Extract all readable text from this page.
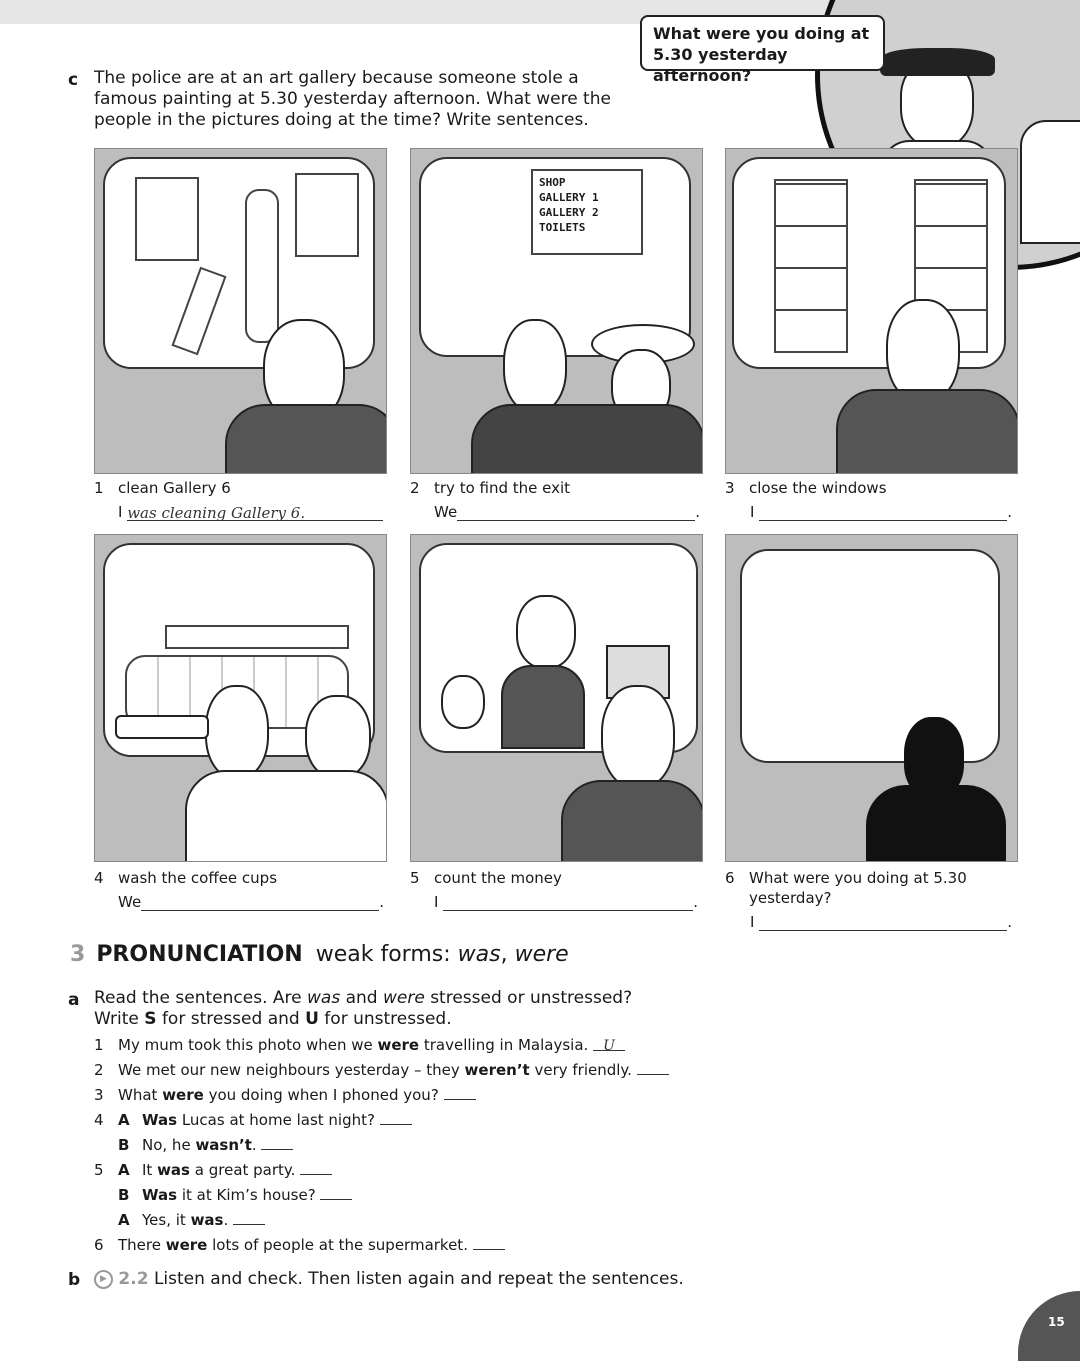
What were you doing at 5.30 yesterday afternoon?
c The police are at an art gallery because someone stole a famous painting at 5.30 yesterday afternoon. What were the people in the pictures doing at the time? Write sentences.
1 clean Gallery 6
I was cleaning Gallery 6.
SHOP
GALLERY 1
GALLERY 2
TOILETS
2 try to find the exit
We	.
3 close the windows
I	.
4 wash the coffee cups
We	.
5 count the money
I	.
6 What were you doing at 5.30 yesterday?
I	.
3 PRONUNCIATION weak forms: was, were
a Read the sentences. Are was and were stressed or unstressed?
Write S for stressed and U for unstressed.
1 My mum took this photo when we were travelling in Malaysia. U
2 We met our new neighbours yesterday – they weren’t very friendly.
3 What were you doing when I phoned you?
4 A Was Lucas at home last night?
B No, he wasn’t.
5 A It was a great party.
B Was it at Kim’s house?
A Yes, it was.
6 There were lots of people at the supermarket.
b	▶ 2.2 Listen and check. Then listen again and repeat the sentences.
15
